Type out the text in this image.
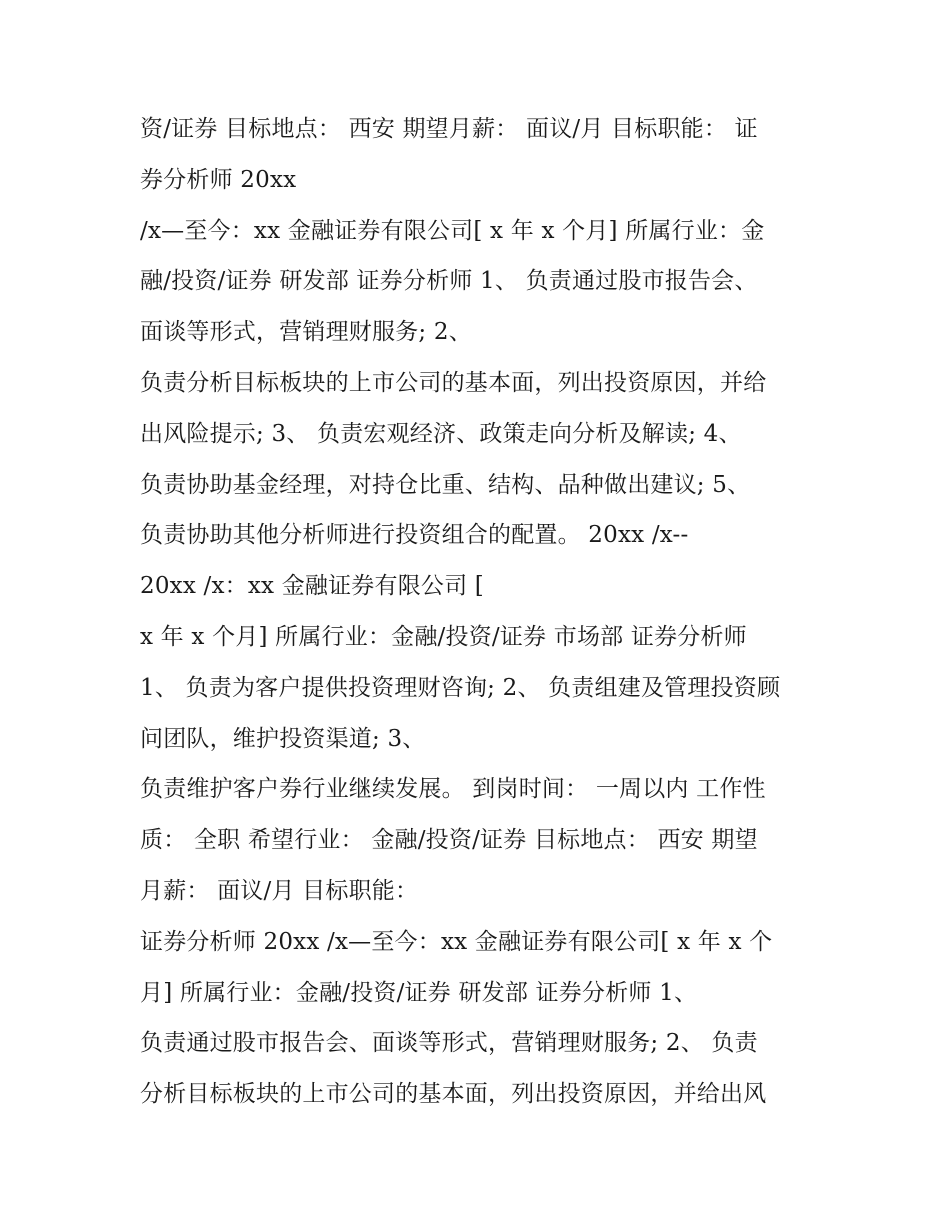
资/证券 目标地点： 西安 期望月薪： 面议/月 目标职能： 证
券分析师 20xx
/x—至今：xx 金融证券有限公司[ x 年 x 个月] 所属行业：金
融/投资/证券 研发部 证券分析师 1、 负责通过股市报告会、
面谈等形式，营销理财服务; 2、
负责分析目标板块的上市公司的基本面，列出投资原因，并给
出风险提示; 3、 负责宏观经济、政策走向分析及解读; 4、
负责协助基金经理，对持仓比重、结构、品种做出建议; 5、
负责协助其他分析师进行投资组合的配置。 20xx /x--
20xx /x：xx 金融证券有限公司 [
x 年 x 个月] 所属行业：金融/投资/证券 市场部 证券分析师
1、 负责为客户提供投资理财咨询; 2、 负责组建及管理投资顾
问团队，维护投资渠道; 3、
负责维护客户券行业继续发展。 到岗时间： 一周以内 工作性
质： 全职 希望行业： 金融/投资/证券 目标地点： 西安 期望
月薪： 面议/月 目标职能：
证券分析师 20xx /x—至今：xx 金融证券有限公司[ x 年 x 个
月] 所属行业：金融/投资/证券 研发部 证券分析师 1、
负责通过股市报告会、面谈等形式，营销理财服务; 2、 负责
分析目标板块的上市公司的基本面，列出投资原因，并给出风
